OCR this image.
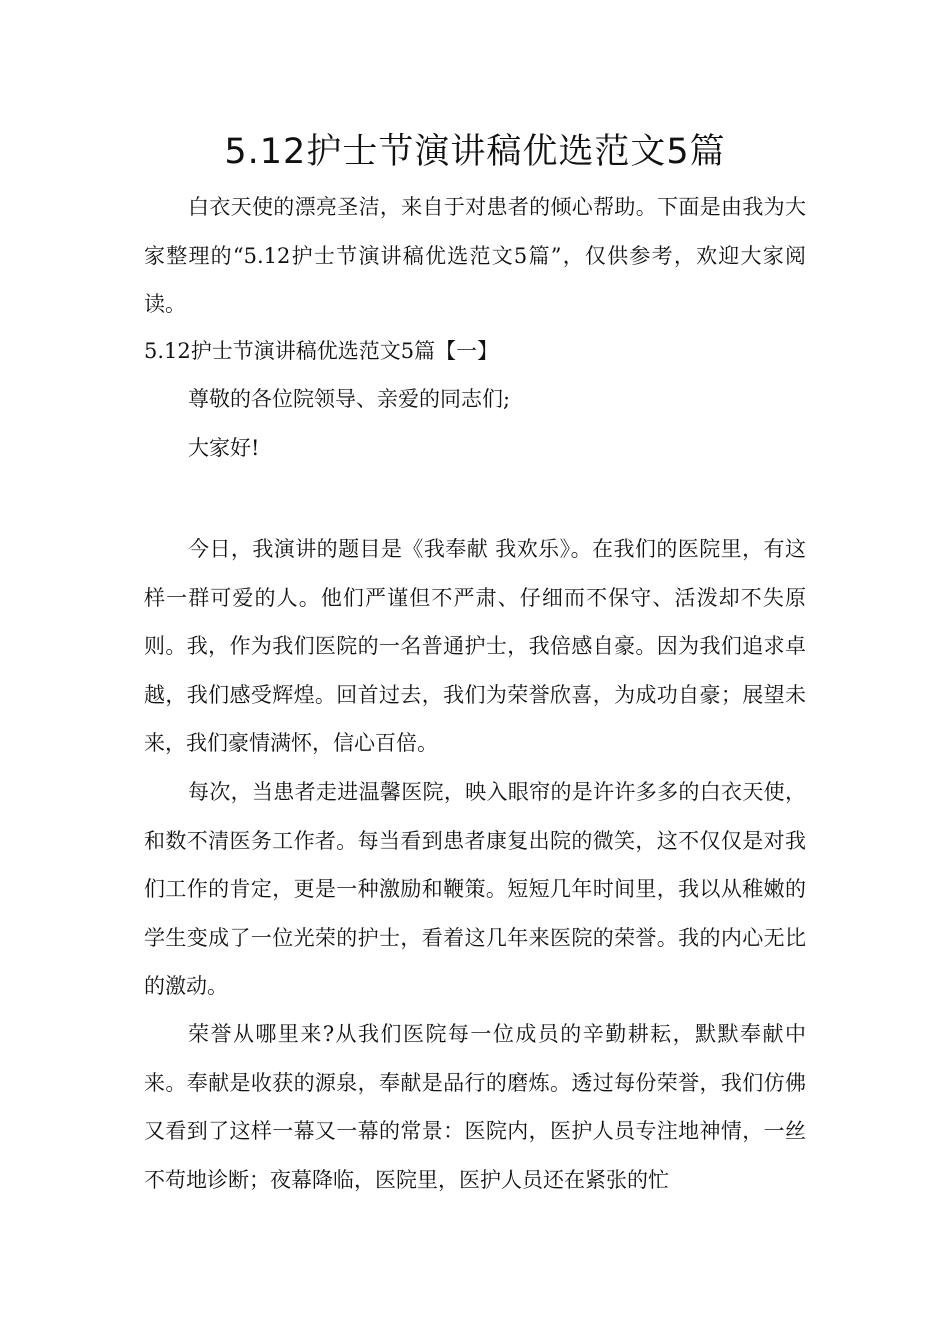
5.12护士节演讲稿优选范文5篇

白衣天使的漂亮圣洁，来自于对患者的倾心帮助。下面是由我为大家整理的“5.12护士节演讲稿优选范文5篇”，仅供参考，欢迎大家阅读。

5.12护士节演讲稿优选范文5篇【一】

尊敬的各位院领导、亲爱的同志们;

大家好!

今日，我演讲的题目是《我奉献 我欢乐》。在我们的医院里，有这样一群可爱的人。他们严谨但不严肃、仔细而不保守、活泼却不失原则。我，作为我们医院的一名普通护士，我倍感自豪。因为我们追求卓越，我们感受辉煌。回首过去，我们为荣誉欣喜，为成功自豪；展望未来，我们豪情满怀，信心百倍。

每次，当患者走进温馨医院，映入眼帘的是许许多多的白衣天使，和数不清医务工作者。每当看到患者康复出院的微笑，这不仅仅是对我们工作的肯定，更是一种激励和鞭策。短短几年时间里，我以从稚嫩的学生变成了一位光荣的护士，看着这几年来医院的荣誉。我的内心无比的激动。

荣誉从哪里来?从我们医院每一位成员的辛勤耕耘，默默奉献中来。奉献是收获的源泉，奉献是品行的磨炼。透过每份荣誉，我们仿佛又看到了这样一幕又一幕的常景：医院内，医护人员专注地神情，一丝不苟地诊断；夜幕降临，医院里，医护人员还在紧张的忙
